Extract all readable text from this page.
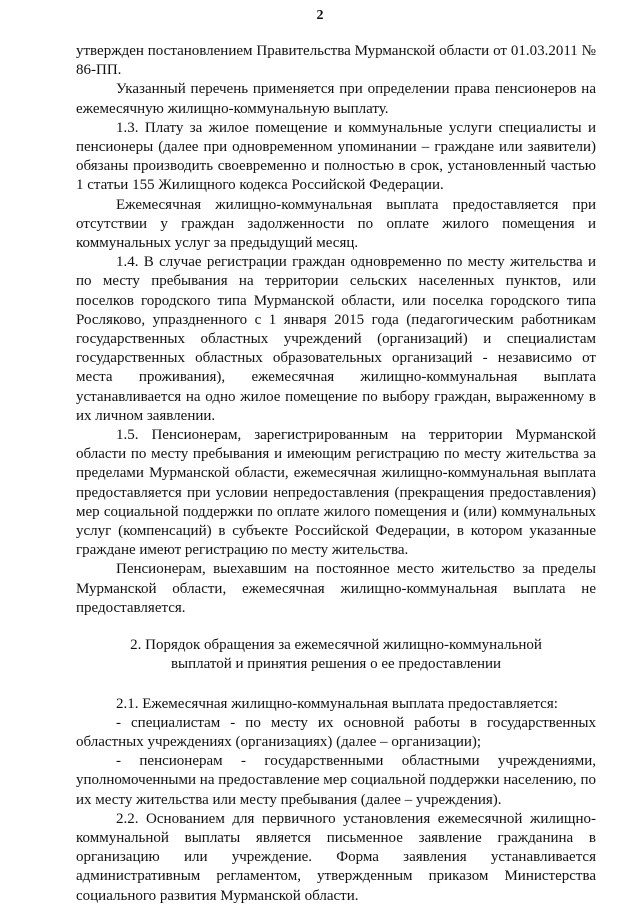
2

утвержден постановлением Правительства Мурманской области от 01.03.2011 № 86-ПП.

Указанный перечень применяется при определении права пенсионеров на ежемесячную жилищно-коммунальную выплату.

1.3. Плату за жилое помещение и коммунальные услуги специалисты и пенсионеры (далее при одновременном упоминании – граждане или заявители) обязаны производить своевременно и полностью в срок, установленный частью 1 статьи 155 Жилищного кодекса Российской Федерации.

Ежемесячная жилищно-коммунальная выплата предоставляется при отсутствии у граждан задолженности по оплате жилого помещения и коммунальных услуг за предыдущий месяц.

1.4. В случае регистрации граждан одновременно по месту жительства и по месту пребывания на территории сельских населенных пунктов, или поселков городского типа Мурманской области, или поселка городского типа Росляково, упраздненного с 1 января 2015 года (педагогическим работникам государственных областных учреждений (организаций) и специалистам государственных областных образовательных организаций - независимо от места проживания), ежемесячная жилищно-коммунальная выплата устанавливается на одно жилое помещение по выбору граждан, выраженному в их личном заявлении.

1.5. Пенсионерам, зарегистрированным на территории Мурманской области по месту пребывания и имеющим регистрацию по месту жительства за пределами Мурманской области, ежемесячная жилищно-коммунальная выплата предоставляется при условии непредоставления (прекращения предоставления) мер социальной поддержки по оплате жилого помещения и (или) коммунальных услуг (компенсаций) в субъекте Российской Федерации, в котором указанные граждане имеют регистрацию по месту жительства.

Пенсионерам, выехавшим на постоянное место жительство за пределы Мурманской области, ежемесячная жилищно-коммунальная выплата не предоставляется.

2. Порядок обращения за ежемесячной жилищно-коммунальной
выплатой и принятия решения о ее предоставлении

2.1. Ежемесячная жилищно-коммунальная выплата предоставляется:

- специалистам - по месту их основной работы в государственных областных учреждениях (организациях) (далее – организации);

- пенсионерам - государственными областными учреждениями, уполномоченными на предоставление мер социальной поддержки населению, по их месту жительства или месту пребывания (далее – учреждения).

2.2. Основанием для первичного установления ежемесячной жилищно-коммунальной выплаты является письменное заявление гражданина в организацию или учреждение. Форма заявления устанавливается административным регламентом, утвержденным приказом Министерства социального развития Мурманской области.
